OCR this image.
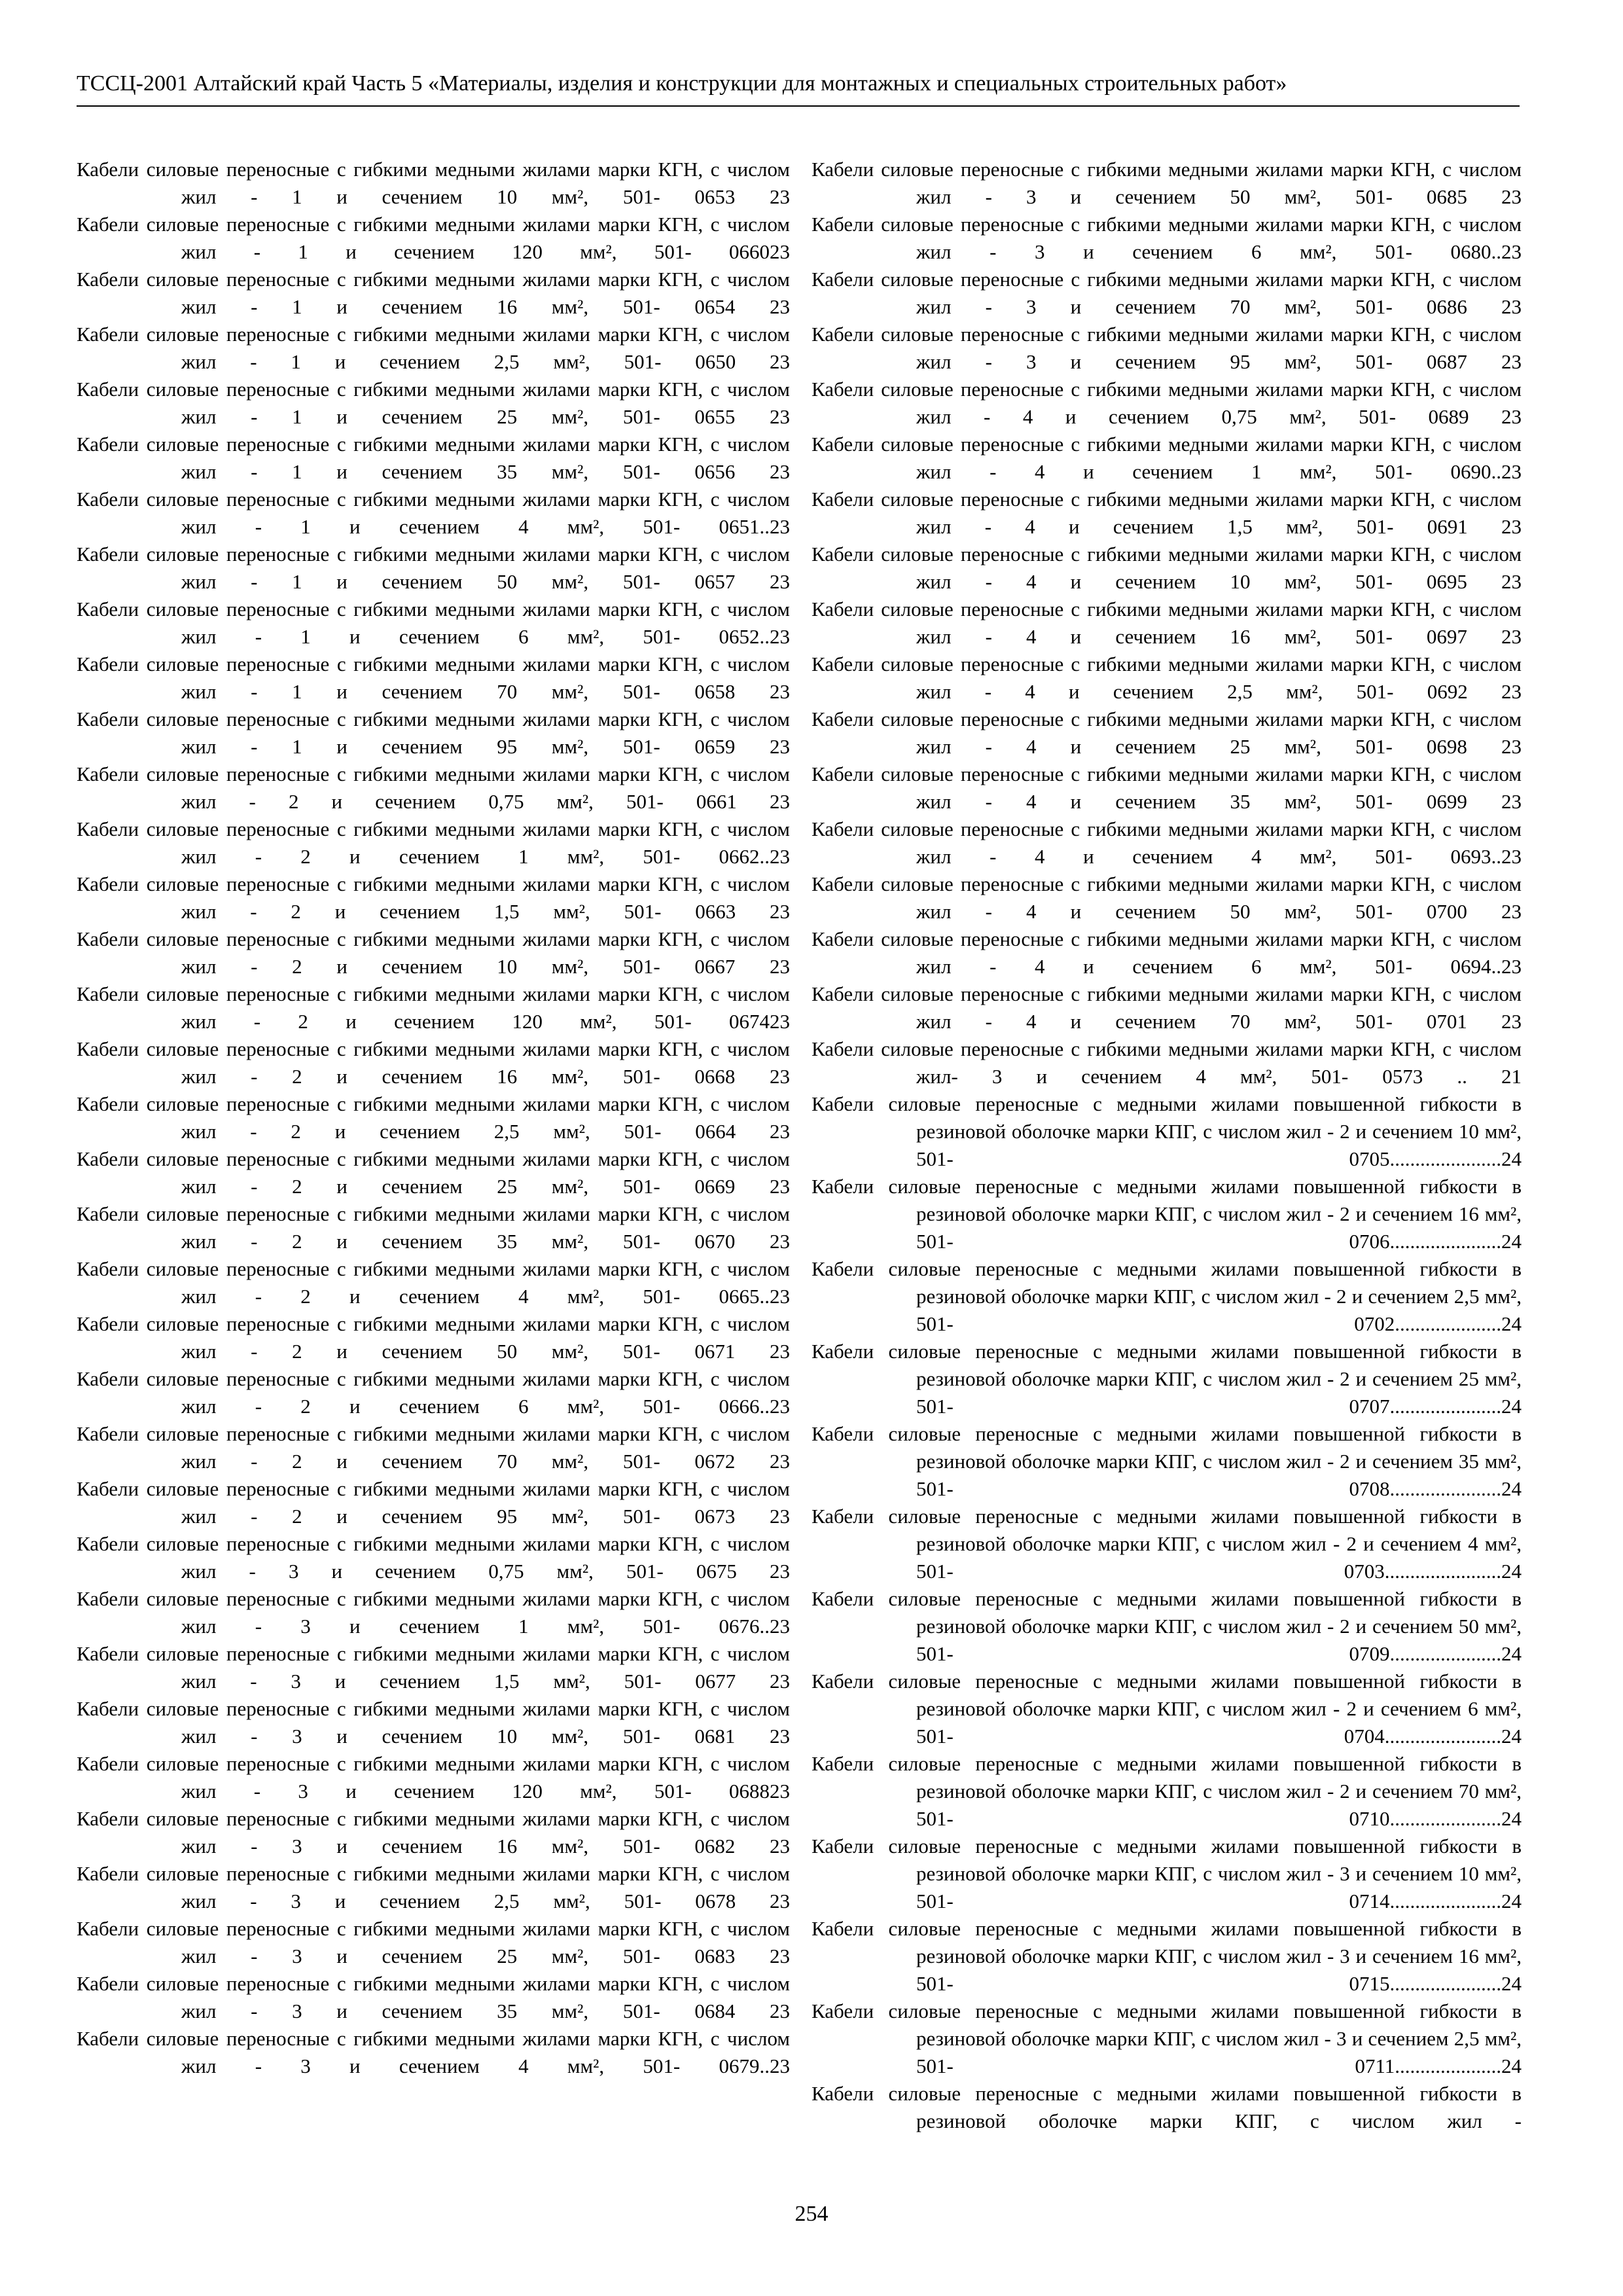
ТССЦ-2001 Алтайский край Часть 5 «Материалы, изделия и конструкции для монтажных и специальных строительных работ»

Кабели силовые переносные с гибкими медными жилами марки КГН, с числом жил - 1 и сечением 10 мм², 501- 0653 23

Кабели силовые переносные с гибкими медными жилами марки КГН, с числом жил - 1 и сечением 120 мм², 501- 066023

Кабели силовые переносные с гибкими медными жилами марки КГН, с числом жил - 1 и сечением 16 мм², 501- 0654 23

Кабели силовые переносные с гибкими медными жилами марки КГН, с числом жил - 1 и сечением 2,5 мм², 501- 0650 23

Кабели силовые переносные с гибкими медными жилами марки КГН, с числом жил - 1 и сечением 25 мм², 501- 0655 23

Кабели силовые переносные с гибкими медными жилами марки КГН, с числом жил - 1 и сечением 35 мм², 501- 0656 23

Кабели силовые переносные с гибкими медными жилами марки КГН, с числом жил - 1 и сечением 4 мм², 501- 0651..23

Кабели силовые переносные с гибкими медными жилами марки КГН, с числом жил - 1 и сечением 50 мм², 501- 0657 23

Кабели силовые переносные с гибкими медными жилами марки КГН, с числом жил - 1 и сечением 6 мм², 501- 0652..23

Кабели силовые переносные с гибкими медными жилами марки КГН, с числом жил - 1 и сечением 70 мм², 501- 0658 23

Кабели силовые переносные с гибкими медными жилами марки КГН, с числом жил - 1 и сечением 95 мм², 501- 0659 23

Кабели силовые переносные с гибкими медными жилами марки КГН, с числом жил - 2 и сечением 0,75 мм², 501- 0661 23

Кабели силовые переносные с гибкими медными жилами марки КГН, с числом жил - 2 и сечением 1 мм², 501- 0662..23

Кабели силовые переносные с гибкими медными жилами марки КГН, с числом жил - 2 и сечением 1,5 мм², 501- 0663 23

Кабели силовые переносные с гибкими медными жилами марки КГН, с числом жил - 2 и сечением 10 мм², 501- 0667 23

Кабели силовые переносные с гибкими медными жилами марки КГН, с числом жил - 2 и сечением 120 мм², 501- 067423

Кабели силовые переносные с гибкими медными жилами марки КГН, с числом жил - 2 и сечением 16 мм², 501- 0668 23

Кабели силовые переносные с гибкими медными жилами марки КГН, с числом жил - 2 и сечением 2,5 мм², 501- 0664 23

Кабели силовые переносные с гибкими медными жилами марки КГН, с числом жил - 2 и сечением 25 мм², 501- 0669 23

Кабели силовые переносные с гибкими медными жилами марки КГН, с числом жил - 2 и сечением 35 мм², 501- 0670 23

Кабели силовые переносные с гибкими медными жилами марки КГН, с числом жил - 2 и сечением 4 мм², 501- 0665..23

Кабели силовые переносные с гибкими медными жилами марки КГН, с числом жил - 2 и сечением 50 мм², 501- 0671 23

Кабели силовые переносные с гибкими медными жилами марки КГН, с числом жил - 2 и сечением 6 мм², 501- 0666..23

Кабели силовые переносные с гибкими медными жилами марки КГН, с числом жил - 2 и сечением 70 мм², 501- 0672 23

Кабели силовые переносные с гибкими медными жилами марки КГН, с числом жил - 2 и сечением 95 мм², 501- 0673 23

Кабели силовые переносные с гибкими медными жилами марки КГН, с числом жил - 3 и сечением 0,75 мм², 501- 0675 23

Кабели силовые переносные с гибкими медными жилами марки КГН, с числом жил - 3 и сечением 1 мм², 501- 0676..23

Кабели силовые переносные с гибкими медными жилами марки КГН, с числом жил - 3 и сечением 1,5 мм², 501- 0677 23

Кабели силовые переносные с гибкими медными жилами марки КГН, с числом жил - 3 и сечением 10 мм², 501- 0681 23

Кабели силовые переносные с гибкими медными жилами марки КГН, с числом жил - 3 и сечением 120 мм², 501- 068823

Кабели силовые переносные с гибкими медными жилами марки КГН, с числом жил - 3 и сечением 16 мм², 501- 0682 23

Кабели силовые переносные с гибкими медными жилами марки КГН, с числом жил - 3 и сечением 2,5 мм², 501- 0678 23

Кабели силовые переносные с гибкими медными жилами марки КГН, с числом жил - 3 и сечением 25 мм², 501- 0683 23

Кабели силовые переносные с гибкими медными жилами марки КГН, с числом жил - 3 и сечением 35 мм², 501- 0684 23

Кабели силовые переносные с гибкими медными жилами марки КГН, с числом жил - 3 и сечением 4 мм², 501- 0679..23

Кабели силовые переносные с гибкими медными жилами марки КГН, с числом жил - 3 и сечением 50 мм², 501- 0685 23

Кабели силовые переносные с гибкими медными жилами марки КГН, с числом жил - 3 и сечением 6 мм², 501- 0680..23

Кабели силовые переносные с гибкими медными жилами марки КГН, с числом жил - 3 и сечением 70 мм², 501- 0686 23

Кабели силовые переносные с гибкими медными жилами марки КГН, с числом жил - 3 и сечением 95 мм², 501- 0687 23

Кабели силовые переносные с гибкими медными жилами марки КГН, с числом жил - 4 и сечением 0,75 мм², 501- 0689 23

Кабели силовые переносные с гибкими медными жилами марки КГН, с числом жил - 4 и сечением 1 мм², 501- 0690..23

Кабели силовые переносные с гибкими медными жилами марки КГН, с числом жил - 4 и сечением 1,5 мм², 501- 0691 23

Кабели силовые переносные с гибкими медными жилами марки КГН, с числом жил - 4 и сечением 10 мм², 501- 0695 23

Кабели силовые переносные с гибкими медными жилами марки КГН, с числом жил - 4 и сечением 16 мм², 501- 0697 23

Кабели силовые переносные с гибкими медными жилами марки КГН, с числом жил - 4 и сечением 2,5 мм², 501- 0692 23

Кабели силовые переносные с гибкими медными жилами марки КГН, с числом жил - 4 и сечением 25 мм², 501- 0698 23

Кабели силовые переносные с гибкими медными жилами марки КГН, с числом жил - 4 и сечением 35 мм², 501- 0699 23

Кабели силовые переносные с гибкими медными жилами марки КГН, с числом жил - 4 и сечением 4 мм², 501- 0693..23

Кабели силовые переносные с гибкими медными жилами марки КГН, с числом жил - 4 и сечением 50 мм², 501- 0700 23

Кабели силовые переносные с гибкими медными жилами марки КГН, с числом жил - 4 и сечением 6 мм², 501- 0694..23

Кабели силовые переносные с гибкими медными жилами марки КГН, с числом жил - 4 и сечением 70 мм², 501- 0701 23

Кабели силовые переносные с гибкими медными жилами марки КГН, с числом жил- 3 и сечением 4 мм², 501- 0573 .. 21

Кабели силовые переносные с медными жилами повышенной гибкости в резиновой оболочке марки КПГ, с числом жил - 2 и сечением 10 мм², 501- 0705......................24

Кабели силовые переносные с медными жилами повышенной гибкости в резиновой оболочке марки КПГ, с числом жил - 2 и сечением 16 мм², 501- 0706......................24

Кабели силовые переносные с медными жилами повышенной гибкости в резиновой оболочке марки КПГ, с числом жил - 2 и сечением 2,5 мм², 501- 0702.....................24

Кабели силовые переносные с медными жилами повышенной гибкости в резиновой оболочке марки КПГ, с числом жил - 2 и сечением 25 мм², 501- 0707......................24

Кабели силовые переносные с медными жилами повышенной гибкости в резиновой оболочке марки КПГ, с числом жил - 2 и сечением 35 мм², 501- 0708......................24

Кабели силовые переносные с медными жилами повышенной гибкости в резиновой оболочке марки КПГ, с числом жил - 2 и сечением 4 мм², 501- 0703.......................24

Кабели силовые переносные с медными жилами повышенной гибкости в резиновой оболочке марки КПГ, с числом жил - 2 и сечением 50 мм², 501- 0709......................24

Кабели силовые переносные с медными жилами повышенной гибкости в резиновой оболочке марки КПГ, с числом жил - 2 и сечением 6 мм², 501- 0704.......................24

Кабели силовые переносные с медными жилами повышенной гибкости в резиновой оболочке марки КПГ, с числом жил - 2 и сечением 70 мм², 501- 0710......................24

Кабели силовые переносные с медными жилами повышенной гибкости в резиновой оболочке марки КПГ, с числом жил - 3 и сечением 10 мм², 501- 0714......................24

Кабели силовые переносные с медными жилами повышенной гибкости в резиновой оболочке марки КПГ, с числом жил - 3 и сечением 16 мм², 501- 0715......................24

Кабели силовые переносные с медными жилами повышенной гибкости в резиновой оболочке марки КПГ, с числом жил - 3 и сечением 2,5 мм², 501- 0711.....................24

Кабели силовые переносные с медными жилами повышенной гибкости в резиновой оболочке марки КПГ, с числом жил -

254
